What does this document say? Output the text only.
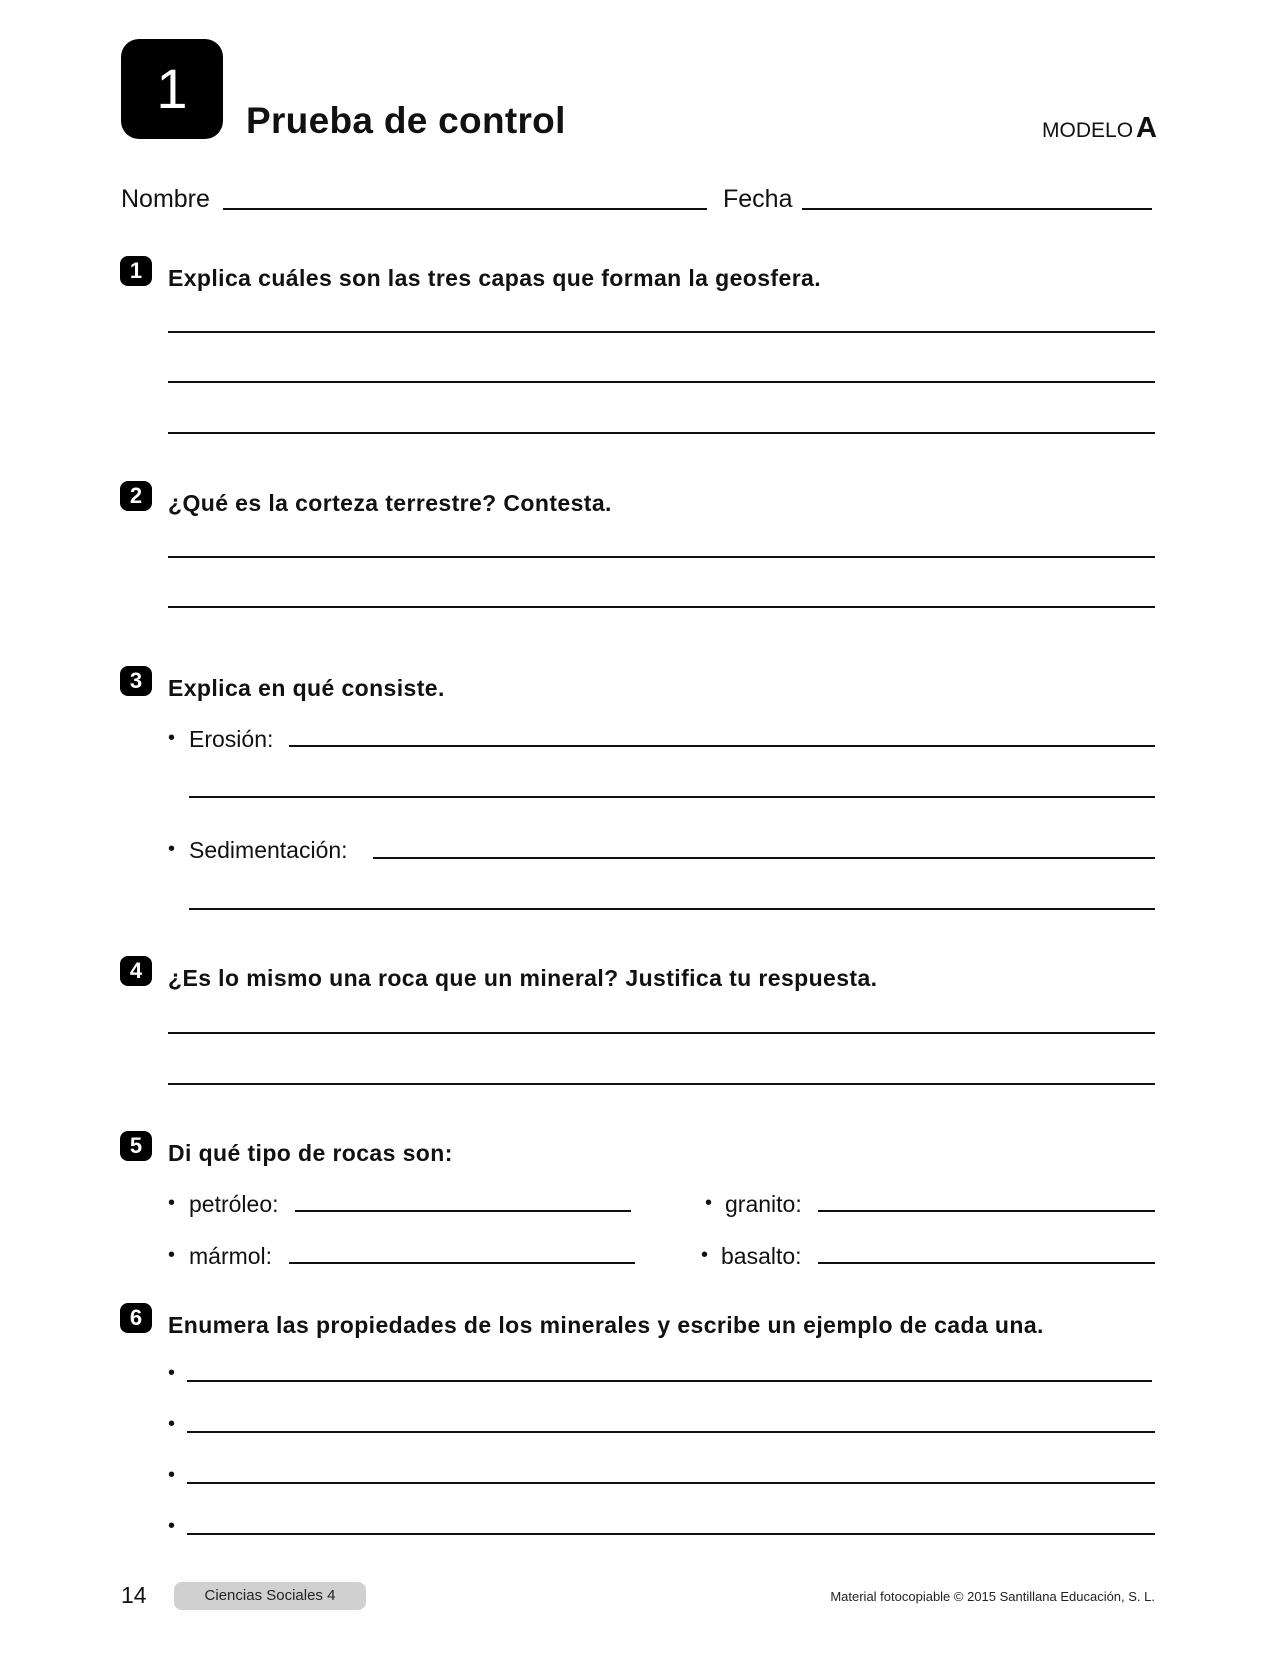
1
Prueba de control	MODELO A
Nombre	Fecha
1	Explica cuáles son las tres capas que forman la geosfera.
2	¿Qué es la corteza terrestre? Contesta.
3	Explica en qué consiste.
• Erosión:
• Sedimentación:
4	¿Es lo mismo una roca que un mineral? Justifica tu respuesta.
5	Di qué tipo de rocas son:
• petróleo:	• granito:
• mármol:	• basalto:
6	Enumera las propiedades de los minerales y escribe un ejemplo de cada una.
•
•
•
•
14	Ciencias Sociales 4	Material fotocopiable © 2015 Santillana Educación, S. L.
